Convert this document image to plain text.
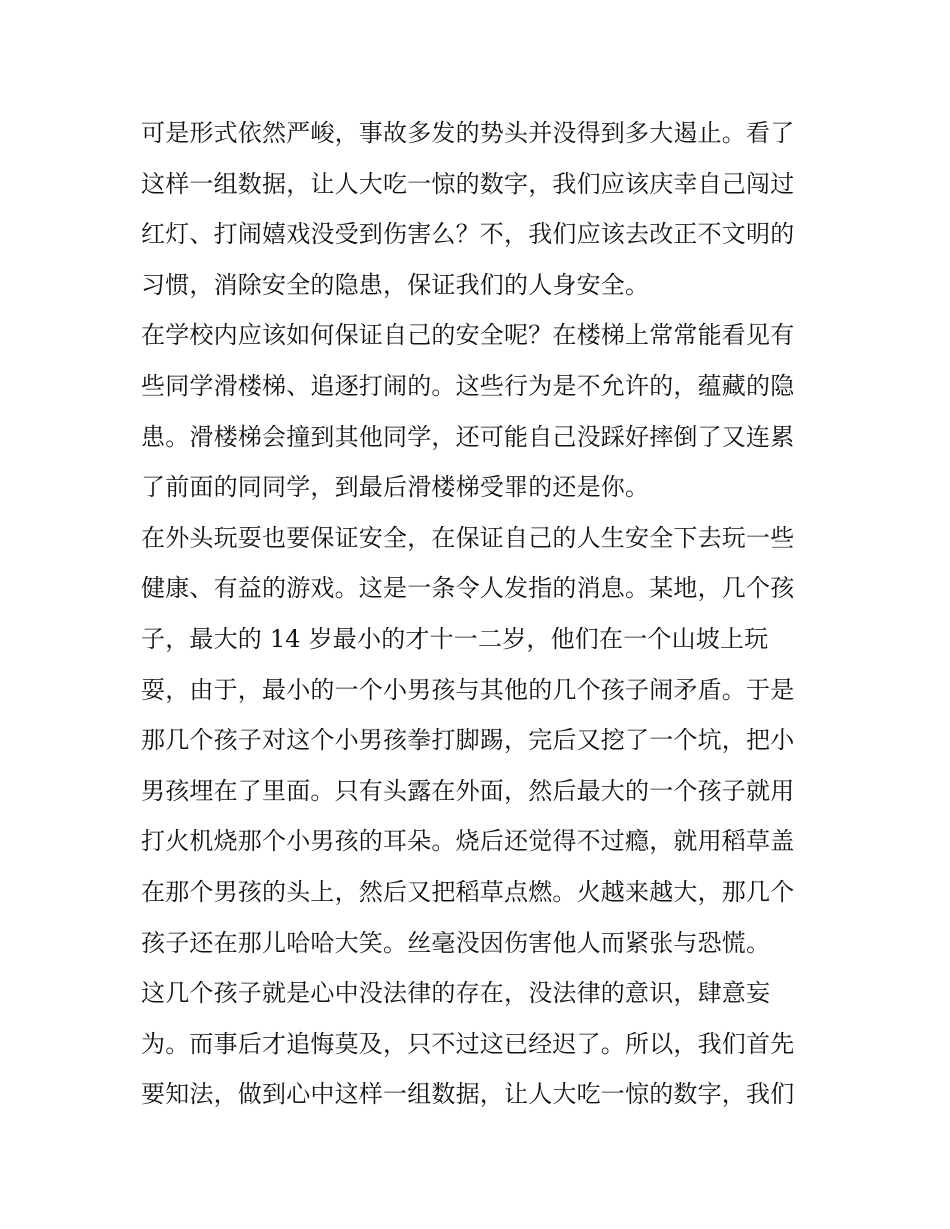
可是形式依然严峻，事故多发的势头并没得到多大遏止。看了
这样一组数据，让人大吃一惊的数字，我们应该庆幸自己闯过
红灯、打闹嬉戏没受到伤害么？不，我们应该去改正不文明的
习惯，消除安全的隐患，保证我们的人身安全。
在学校内应该如何保证自己的安全呢？在楼梯上常常能看见有
些同学滑楼梯、追逐打闹的。这些行为是不允许的，蕴藏的隐
患。滑楼梯会撞到其他同学，还可能自己没踩好摔倒了又连累
了前面的同同学，到最后滑楼梯受罪的还是你。
在外头玩耍也要保证安全，在保证自己的人生安全下去玩一些
健康、有益的游戏。这是一条令人发指的消息。某地，几个孩
子，最大的 14 岁最小的才十一二岁，他们在一个山坡上玩
耍，由于，最小的一个小男孩与其他的几个孩子闹矛盾。于是
那几个孩子对这个小男孩拳打脚踢，完后又挖了一个坑，把小
男孩埋在了里面。只有头露在外面，然后最大的一个孩子就用
打火机烧那个小男孩的耳朵。烧后还觉得不过瘾，就用稻草盖
在那个男孩的头上，然后又把稻草点燃。火越来越大，那几个
孩子还在那儿哈哈大笑。丝毫没因伤害他人而紧张与恐慌。
这几个孩子就是心中没法律的存在，没法律的意识，肆意妄
为。而事后才追悔莫及，只不过这已经迟了。所以，我们首先
要知法，做到心中这样一组数据，让人大吃一惊的数字，我们
